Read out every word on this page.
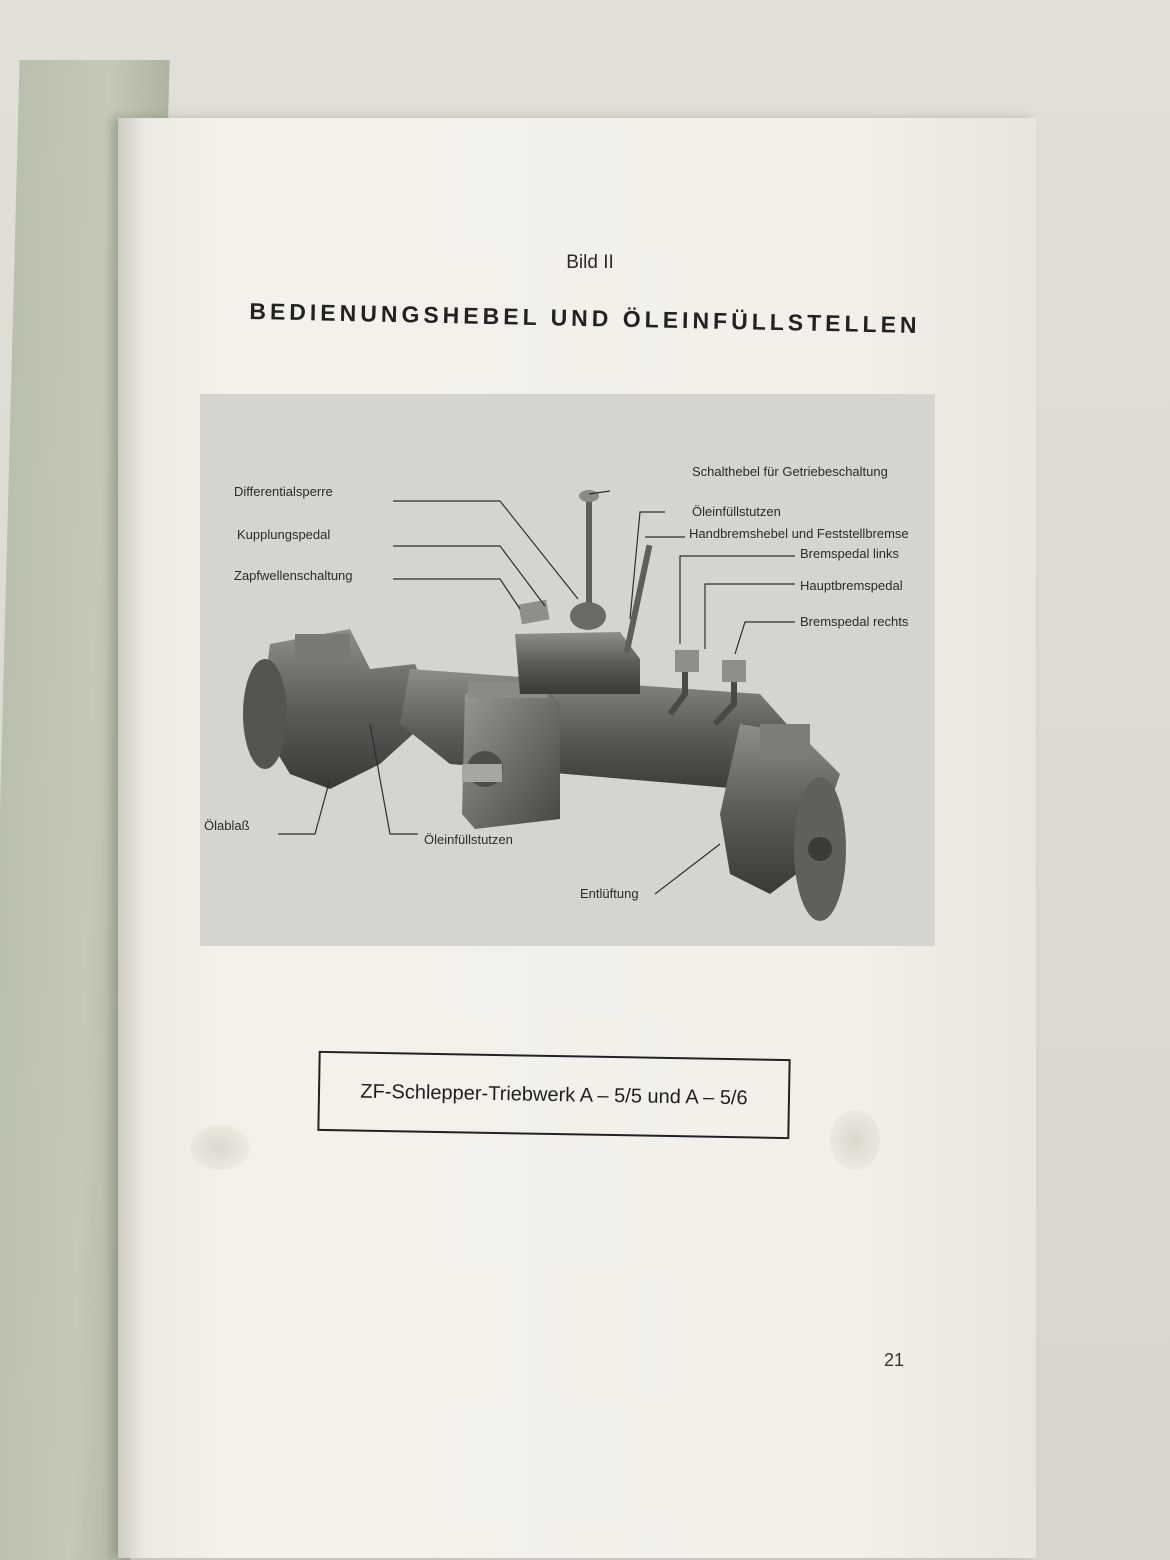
Bild II
BEDIENUNGSHEBEL UND ÖLEINFÜLLSTELLEN
Schalthebel für Getriebeschaltung
Differentialsperre
Öleinfüllstutzen
Handbremshebel und Feststellbremse
Kupplungspedal
Bremspedal links
Zapfwellenschaltung
Hauptbremspedal
Bremspedal rechts
Ölablaß
Öleinfüllstutzen
Entlüftung
ZF-Schlepper-Triebwerk A – 5/5 und A – 5/6
21
